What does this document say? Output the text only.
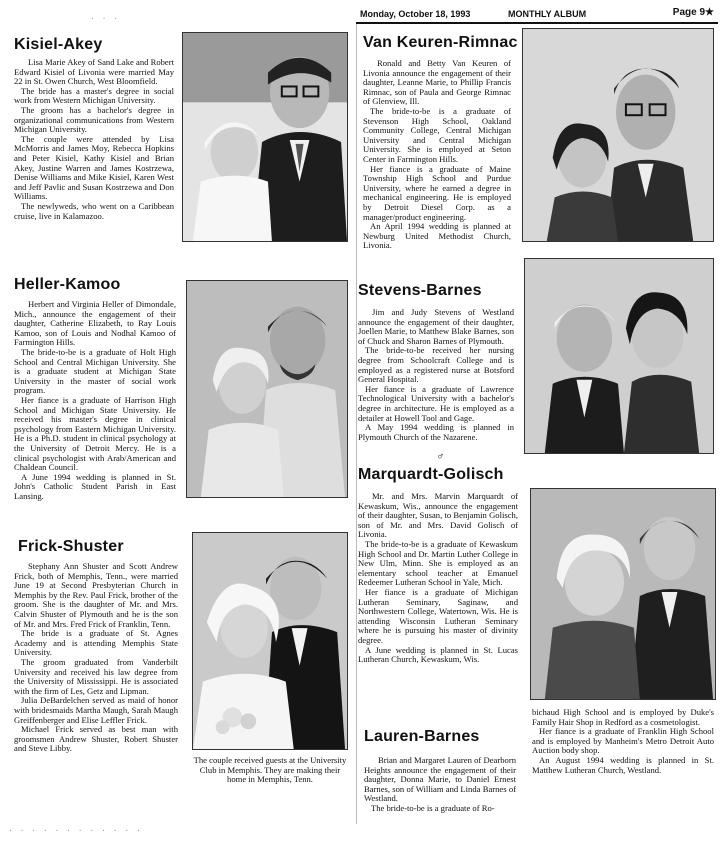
Monday, October 18, 1993	MONTHLY ALBUM	Page 9★
· · ·
Kisiel-Akey

Lisa Marie Akey of Sand Lake and Robert Edward Kisiel of Livonia were married May 22 in St. Owen Church, West Bloomfield.

The bride has a master's degree in social work from Western Michigan University.

The groom has a bachelor's degree in organizational communications from Western Michigan University.

The couple were attended by Lisa McMorris and James Moy, Rebecca Hopkins and Peter Kisiel, Kathy Kisiel and Brian Akey, Justine Warren and James Kostrzewa, Denise Williams and Mike Kisiel, Karen West and Jeff Pavlic and Susan Kostrzewa and Don Williams.

The newlyweds, who went on a Caribbean cruise, live in Kalamazoo.

Van Keuren-Rimnac

Ronald and Betty Van Keuren of Livonia announce the engagement of their daughter, Leanne Marie, to Phillip Francis Rimnac, son of Paula and George Rimnac of Glenview, Ill.

The bride-to-be is a graduate of Stevenson High School, Oakland Community College, Central Michigan University and Central Michigan University. She is employed at Seton Center in Farmington Hills.

Her fiance is a graduate of Maine Township High School and Purdue University, where he earned a degree in mechanical engineering. He is employed by Detroit Diesel Corp. as a manager/product engineering.

An April 1994 wedding is planned at Newburg United Methodist Church, Livonia.

Heller-Kamoo

Herbert and Virginia Heller of Dimondale, Mich., announce the engagement of their daughter, Catherine Elizabeth, to Ray Louis Kamoo, son of Louis and Nodhal Kamoo of Farmington Hills.

The bride-to-be is a graduate of Holt High School and Central Michigan University. She is a graduate student at Michigan State University in the master of social work program.

Her fiance is a graduate of Harrison High School and Michigan State University. He received his master's degree in clinical psychology from Eastern Michigan University. He is a Ph.D. student in clinical psychology at the University of Detroit Mercy. He is a clinical psychologist with Arab/American and Chaldean Council.

A June 1994 wedding is planned in St. John's Catholic Student Parish in East Lansing.

Stevens-Barnes

Jim and Judy Stevens of Westland announce the engagement of their daughter, Joellen Marie, to Matthew Blake Barnes, son of Chuck and Sharon Barnes of Plymouth.

The bride-to-be received her nursing degree from Schoolcraft College and is employed as a registered nurse at Botsford General Hospital.

Her fiance is a graduate of Lawrence Technological University with a bachelor's degree in architecture. He is employed as a detailer at Howell Tool and Gage.

A May 1994 wedding is planned in Plymouth Church of the Nazarene.

♂
Marquardt-Golisch

Mr. and Mrs. Marvin Marquardt of Kewaskum, Wis., announce the engagement of their daughter, Susan, to Benjamin Golisch, son of Mr. and Mrs. David Golisch of Livonia.

The bride-to-be is a graduate of Kewaskum High School and Dr. Martin Luther College in New Ulm, Minn. She is employed as an elementary school teacher at Emanuel Redeemer Lutheran School in Yale, Mich.

Her fiance is a graduate of Michigan Lutheran Seminary, Saginaw, and Northwestern College, Watertown, Wis. He is attending Wisconsin Lutheran Seminary where he is pursuing his master of divinity degree.

A June wedding is planned in St. Lucas Lutheran Church, Kewaskum, Wis.

Frick-Shuster

Stephany Ann Shuster and Scott Andrew Frick, both of Memphis, Tenn., were married June 19 at Second Presbyterian Church in Memphis by the Rev. Paul Frick, brother of the groom. She is the daughter of Mr. and Mrs. Calvin Shuster of Plymouth and he is the son of Mr. and Mrs. Fred Frick of Franklin, Tenn.

The bride is a graduate of St. Agnes Academy and is attending Memphis State University.

The groom graduated from Vanderbilt University and received his law degree from the University of Mississippi. He is associated with the firm of Les, Getz and Lipman.

Julia DeBardelchen served as maid of honor with bridesmaids Martha Maugh, Sarah Maugh Greiffenberger and Elise Leffler Frick.

Michael Frick served as best man with groomsmen Andrew Shuster, Robert Shuster and Steve Libby.

The couple received guests at the University Club in Memphis. They are making their home in Memphis, Tenn.
Lauren-Barnes

Brian and Margaret Lauren of Dearborn Heights announce the engagement of their daughter, Donna Marie, to Daniel Ernest Barnes, son of William and Linda Barnes of Westland.

The bride-to-be is a graduate of Ro-

bichaud High School and is employed by Duke's Family Hair Shop in Redford as a cosmetologist.

Her fiance is a graduate of Franklin High School and is employed by Manheim's Metro Detroit Auto Auction body shop.

An August 1994 wedding is planned in St. Matthew Lutheran Church, Westland.

· · · · · · · · · · · ·
